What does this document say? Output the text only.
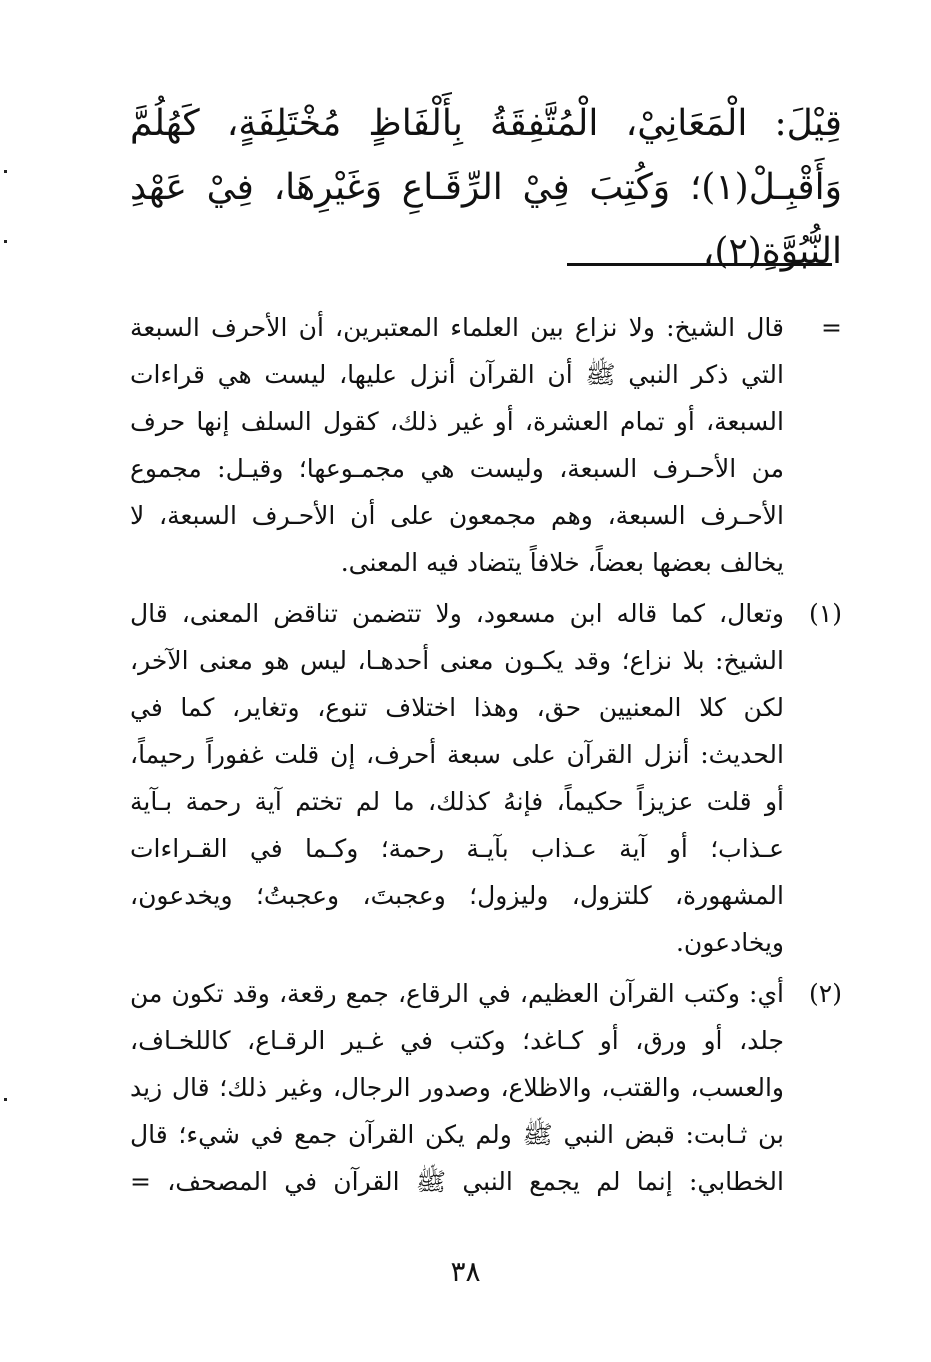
قِيْلَ: الْمَعَانِيْ، الْمُتَّفِقَةُ بِأَلْفَاظٍ مُخْتَلِفَةٍ، كَهُلُمَّ وَأَقْبِـلْ(١)؛ وَكُتِبَ فِيْ الرِّقَـاعِ وَغَيْرِهَا، فِيْ عَهْدِ النُّبُوَّةِ(٢)،

=

قال الشيخ: ولا نزاع بين العلماء المعتبرين، أن الأحرف السبعة التي ذكر النبي ﷺ أن القرآن أنزل عليها، ليست هي قراءات السبعة، أو تمام العشرة، أو غير ذلك، كقول السلف إنها حرف من الأحـرف السبعة، وليست هي مجمـوعها؛ وقيـل: مجموع الأحـرف السبعة، وهم مجمعون على أن الأحـرف السبعة، لا يخالف بعضها بعضاً، خلافاً يتضاد فيه المعنى.

(١)

وتعال، كما قاله ابن مسعود، ولا تتضمن تناقض المعنى، قال الشيخ: بلا نزاع؛ وقد يكـون معنى أحدهـا، ليس هو معنى الآخر، لكن كلا المعنيين حق، وهذا اختلاف تنوع، وتغاير، كما في الحديث: أنزل القرآن على سبعة أحرف، إن قلت غفوراً رحيماً، أو قلت عزيزاً حكيماً، فإنهُ كذلك، ما لم تختم آية رحمة بـآية عـذاب؛ أو آية عـذاب بآيـة رحمة؛ وكـما في القـراءات المشهورة، كلتزول، وليزول؛ وعجبتَ، وعجبتُ؛ ويخدعون، ويخادعون.

(٢)

أي: وكتب القرآن العظيم، في الرقاع، جمع رقعة، وقد تكون من جلد، أو ورق، أو كـاغد؛ وكتب في غـير الرقـاع، كاللخـاف، والعسب، والقتب، والاظلاع، وصدور الرجال، وغير ذلك؛ قال زيد بن ثـابت: قبض النبي ﷺ ولم يكن القرآن جمع في شيء؛ قال الخطابي: إنما لم يجمع النبي ﷺ القرآن في المصحف، =

٣٨
